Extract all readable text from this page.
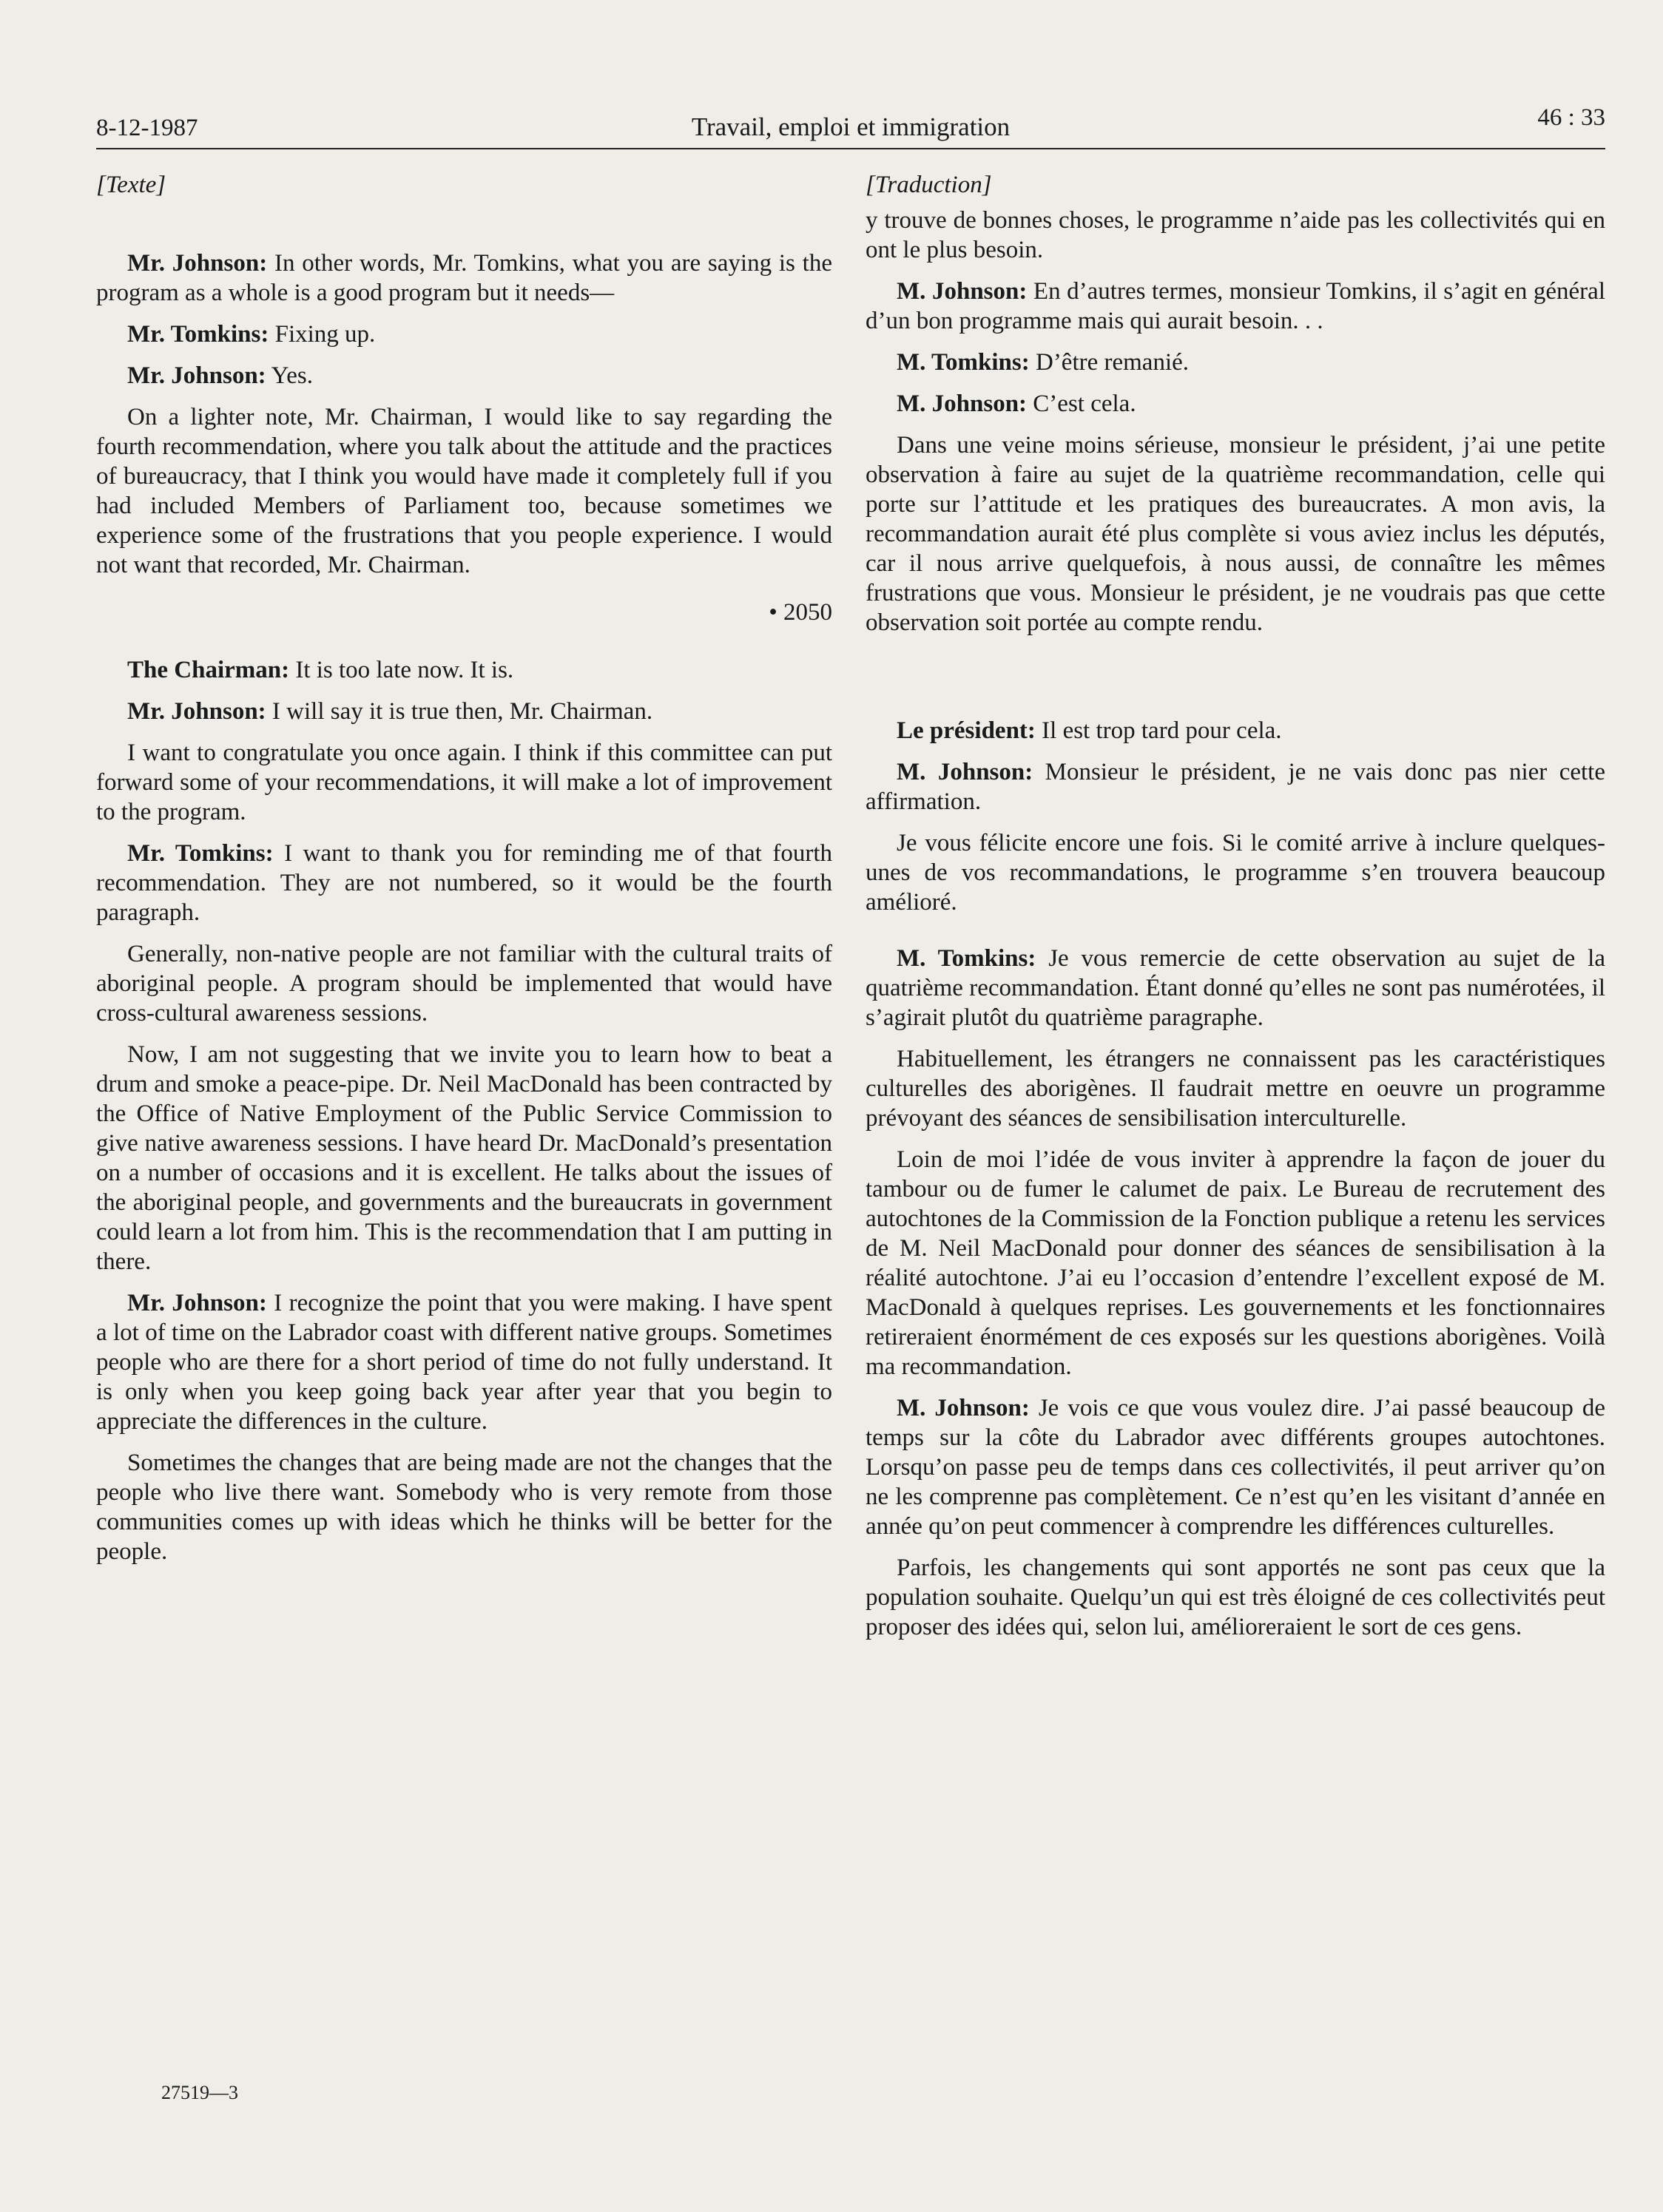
8-12-1987	Travail, emploi et immigration	46 : 33
[Texte]

Mr. Johnson: In other words, Mr. Tomkins, what you are saying is the program as a whole is a good program but it needs—

Mr. Tomkins: Fixing up.

Mr. Johnson: Yes.

On a lighter note, Mr. Chairman, I would like to say regarding the fourth recommendation, where you talk about the attitude and the practices of bureaucracy, that I think you would have made it completely full if you had included Members of Parliament too, because sometimes we experience some of the frustrations that you people experience. I would not want that recorded, Mr. Chairman.

• 2050

The Chairman: It is too late now. It is.

Mr. Johnson: I will say it is true then, Mr. Chairman.

I want to congratulate you once again. I think if this committee can put forward some of your recommendations, it will make a lot of improvement to the program.

Mr. Tomkins: I want to thank you for reminding me of that fourth recommendation. They are not numbered, so it would be the fourth paragraph.

Generally, non-native people are not familiar with the cultural traits of aboriginal people. A program should be implemented that would have cross-cultural awareness sessions.

Now, I am not suggesting that we invite you to learn how to beat a drum and smoke a peace-pipe. Dr. Neil MacDonald has been contracted by the Office of Native Employment of the Public Service Commission to give native awareness sessions. I have heard Dr. MacDonald’s presentation on a number of occasions and it is excellent. He talks about the issues of the aboriginal people, and governments and the bureaucrats in government could learn a lot from him. This is the recommendation that I am putting in there.

Mr. Johnson: I recognize the point that you were making. I have spent a lot of time on the Labrador coast with different native groups. Sometimes people who are there for a short period of time do not fully understand. It is only when you keep going back year after year that you begin to appreciate the differences in the culture.

Sometimes the changes that are being made are not the changes that the people who live there want. Somebody who is very remote from those communities comes up with ideas which he thinks will be better for the people.

[Traduction]

y trouve de bonnes choses, le programme n’aide pas les collectivités qui en ont le plus besoin.

M. Johnson: En d’autres termes, monsieur Tomkins, il s’agit en général d’un bon programme mais qui aurait besoin. . .

M. Tomkins: D’être remanié.

M. Johnson: C’est cela.

Dans une veine moins sérieuse, monsieur le président, j’ai une petite observation à faire au sujet de la quatrième recommandation, celle qui porte sur l’attitude et les pratiques des bureaucrates. A mon avis, la recommandation aurait été plus complète si vous aviez inclus les députés, car il nous arrive quelquefois, à nous aussi, de connaître les mêmes frustrations que vous. Monsieur le président, je ne voudrais pas que cette observation soit portée au compte rendu.

Le président: Il est trop tard pour cela.

M. Johnson: Monsieur le président, je ne vais donc pas nier cette affirmation.

Je vous félicite encore une fois. Si le comité arrive à inclure quelques-unes de vos recommandations, le programme s’en trouvera beaucoup amélioré.

M. Tomkins: Je vous remercie de cette observation au sujet de la quatrième recommandation. Étant donné qu’elles ne sont pas numérotées, il s’agirait plutôt du quatrième paragraphe.

Habituellement, les étrangers ne connaissent pas les caractéristiques culturelles des aborigènes. Il faudrait mettre en oeuvre un programme prévoyant des séances de sensibilisation interculturelle.

Loin de moi l’idée de vous inviter à apprendre la façon de jouer du tambour ou de fumer le calumet de paix. Le Bureau de recrutement des autochtones de la Commission de la Fonction publique a retenu les services de M. Neil MacDonald pour donner des séances de sensibilisation à la réalité autochtone. J’ai eu l’occasion d’entendre l’excellent exposé de M. MacDonald à quelques reprises. Les gouvernements et les fonctionnaires retireraient énormément de ces exposés sur les questions aborigènes. Voilà ma recommandation.

M. Johnson: Je vois ce que vous voulez dire. J’ai passé beaucoup de temps sur la côte du Labrador avec différents groupes autochtones. Lorsqu’on passe peu de temps dans ces collectivités, il peut arriver qu’on ne les comprenne pas complètement. Ce n’est qu’en les visitant d’année en année qu’on peut commencer à comprendre les différences culturelles.

Parfois, les changements qui sont apportés ne sont pas ceux que la population souhaite. Quelqu’un qui est très éloigné de ces collectivités peut proposer des idées qui, selon lui, amélioreraient le sort de ces gens.

27519—3
